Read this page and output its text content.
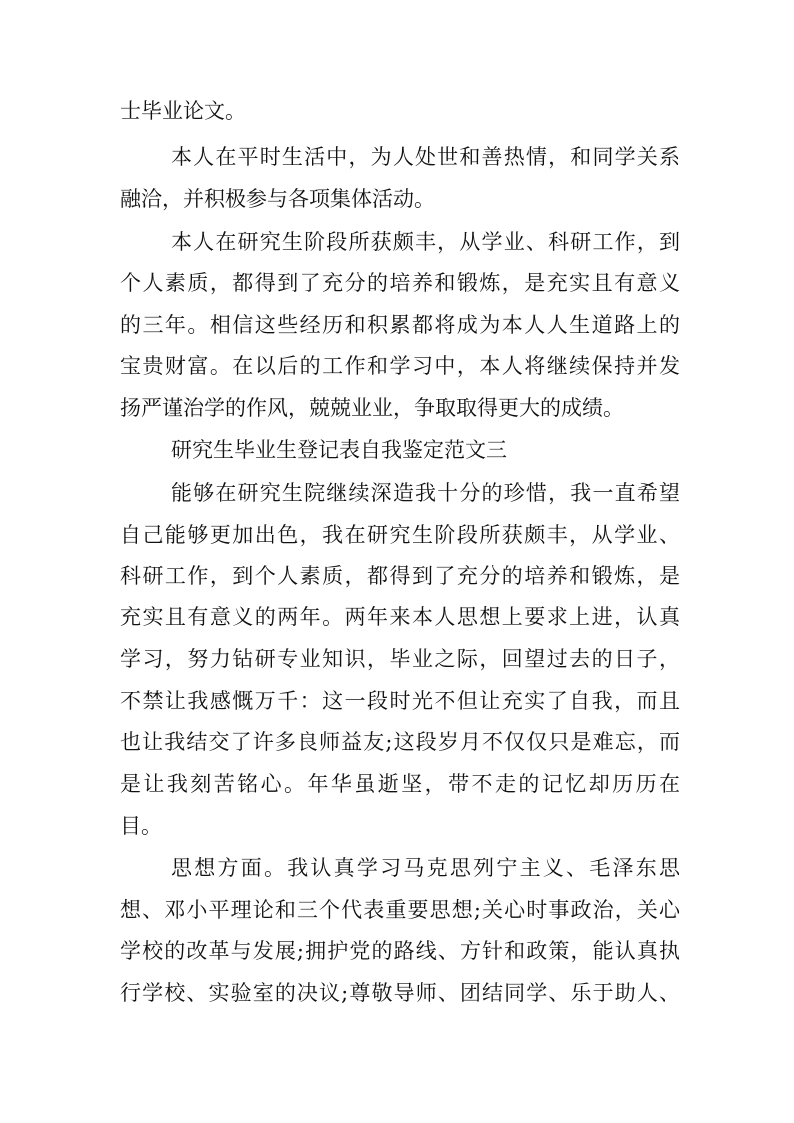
士毕业论文。
本人在平时生活中，为人处世和善热情，和同学关系
融洽，并积极参与各项集体活动。
本人在研究生阶段所获颇丰，从学业、科研工作，到
个人素质，都得到了充分的培养和锻炼，是充实且有意义
的三年。相信这些经历和积累都将成为本人人生道路上的
宝贵财富。在以后的工作和学习中，本人将继续保持并发
扬严谨治学的作风，兢兢业业，争取取得更大的成绩。
研究生毕业生登记表自我鉴定范文三
能够在研究生院继续深造我十分的珍惜，我一直希望
自己能够更加出色，我在研究生阶段所获颇丰，从学业、
科研工作，到个人素质，都得到了充分的培养和锻炼，是
充实且有意义的两年。两年来本人思想上要求上进，认真
学习，努力钻研专业知识，毕业之际，回望过去的日子，
不禁让我感慨万千：这一段时光不但让充实了自我，而且
也让我结交了许多良师益友;这段岁月不仅仅只是难忘，而
是让我刻苦铭心。年华虽逝坚，带不走的记忆却历历在
目。
思想方面。我认真学习马克思列宁主义、毛泽东思
想、邓小平理论和三个代表重要思想;关心时事政治，关心
学校的改革与发展;拥护党的路线、方针和政策，能认真执
行学校、实验室的决议;尊敬导师、团结同学、乐于助人、
